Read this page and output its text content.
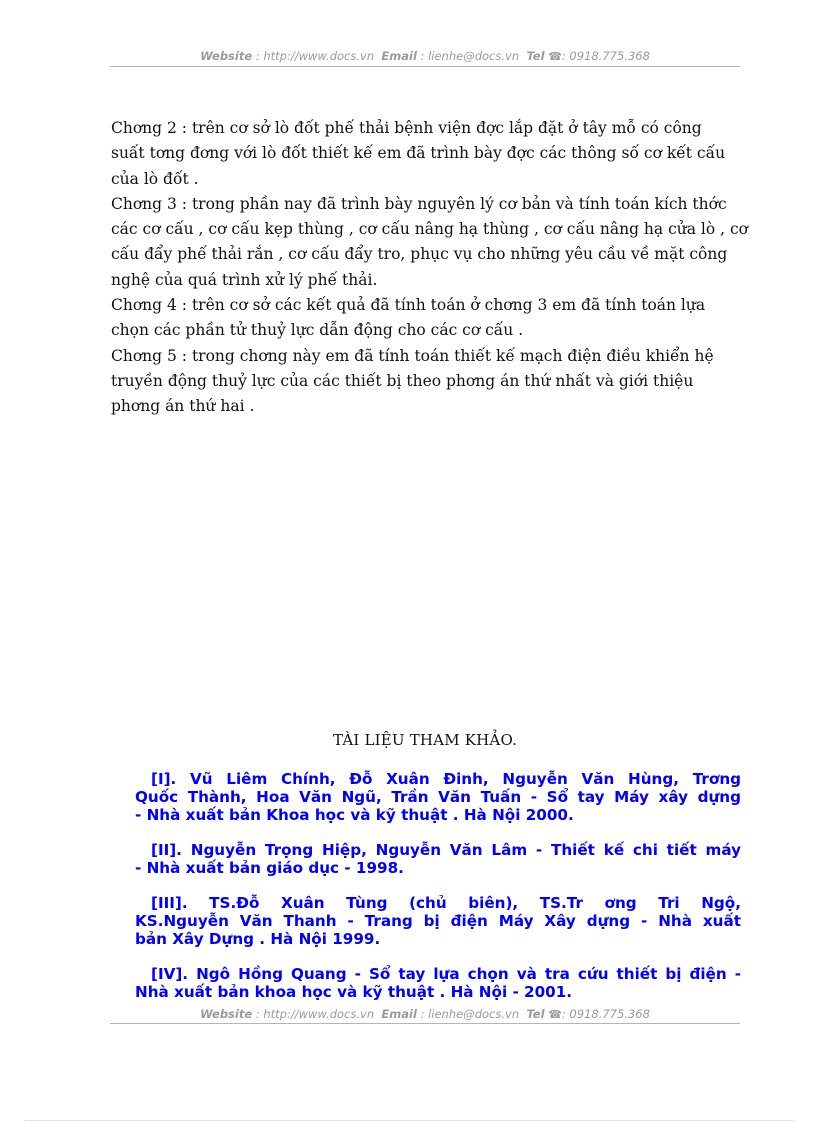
Website : http://www.docs.vn Email : lienhe@docs.vn Tel ☎: 0918.775.368
Chơng 2 : trên cơ sở lò đốt phế thải bệnh viện đợc lắp đặt ở tây mỗ có công
suất tơng đơng với lò đốt thiết kế em đã trình bày đợc các thông số cơ kết cấu
của lò đốt .
Chơng 3 : trong phần nay đã trình bày nguyên lý cơ bản và tính toán kích thớc
các cơ cấu , cơ cấu kẹp thùng , cơ cấu nâng hạ thùng , cơ cấu nâng hạ cửa lò , cơ
cấu đẩy phế thải rắn , cơ cấu đẩy tro, phục vụ cho những yêu cầu về mặt công
nghệ của quá trình xử lý phế thải.
Chơng 4 : trên cơ sở các kết quả đã tính toán ở chơng 3 em đã tính toán lựa
chọn các phần tử thuỷ lực dẫn động cho các cơ cấu .
Chơng 5 : trong chơng này em đã tính toán thiết kế mạch điện điều khiển hệ
truyền động thuỷ lực của các thiết bị theo phơng án thứ nhất và giới thiệu
phơng án thứ hai .
TÀI LIỆU THAM KHẢO.
[I]. Vũ Liêm Chính, Đỗ Xuân Đinh, Nguyễn Văn Hùng, Trơng
Quốc Thành, Hoa Văn Ngũ, Trần Văn Tuấn - Sổ tay Máy xây dựng
- Nhà xuất bản Khoa học và kỹ thuật . Hà Nội 2000.
[II]. Nguyễn Trọng Hiệp, Nguyễn Văn Lâm - Thiết kế chi tiết máy
- Nhà xuất bản giáo dục - 1998.
[III]. TS.Đỗ Xuân Tùng (chủ biên), TS.Tr ơng Tri Ngộ,
KS.Nguyễn Văn Thanh - Trang bị điện Máy Xây dựng - Nhà xuất
bản Xây Dựng . Hà Nội 1999.
[IV]. Ngô Hồng Quang - Sổ tay lựa chọn và tra cứu thiết bị điện -
Nhà xuất bản khoa học và kỹ thuật . Hà Nội - 2001.
Website : http://www.docs.vn Email : lienhe@docs.vn Tel ☎: 0918.775.368
